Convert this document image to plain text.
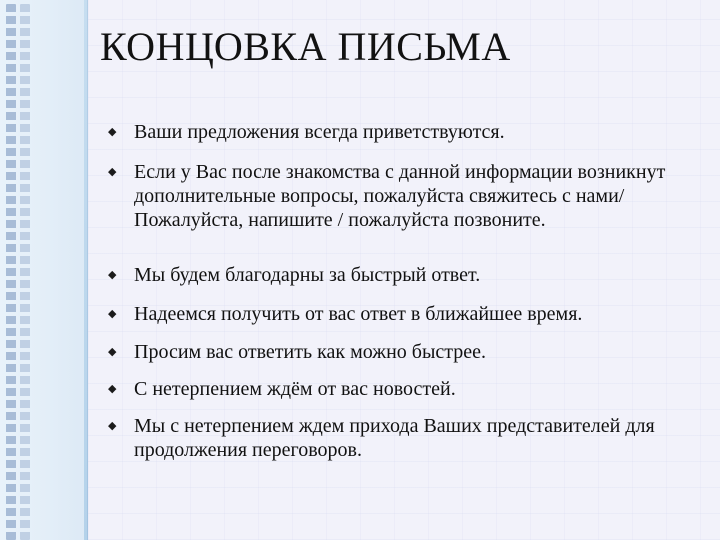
КОНЦОВКА ПИСЬМА
◆ Ваши предложения всегда приветствуются.
◆ Если у Вас после знакомства с данной информации возникнут дополнительные вопросы, пожалуйста свяжитесь с нами/ Пожалуйста, напишите / пожалуйста позвоните.
◆ Мы будем благодарны за быстрый ответ.
◆ Надеемся получить от вас ответ в ближайшее время.
◆ Просим вас ответить как можно быстрее.
◆ С нетерпением ждём от вас новостей.
◆ Мы с нетерпением ждем прихода Ваших представителей для продолжения переговоров.
